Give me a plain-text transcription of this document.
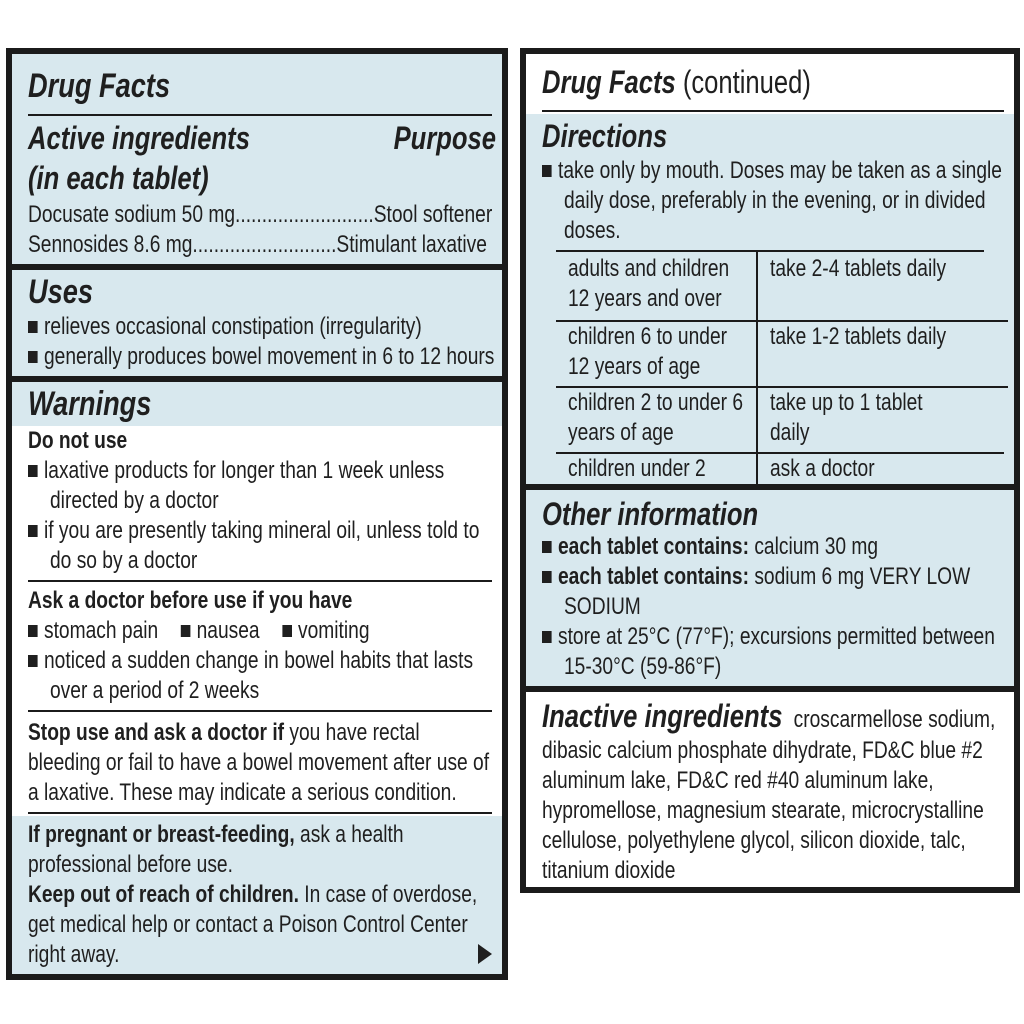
Drug Facts
Active ingredients	Purpose
(in each tablet)
Docusate sodium 50 mg..........................Stool softener
Sennosides 8.6 mg...........................Stimulant laxative
Uses
relieves occasional constipation (irregularity)
generally produces bowel movement in 6 to 12 hours
Warnings
Do not use
laxative products for longer than 1 week unless
directed by a doctor
if you are presently taking mineral oil, unless told to
do so by a doctor
Ask a doctor before use if you have
stomach pain nausea vomiting
noticed a sudden change in bowel habits that lasts
over a period of 2 weeks
Stop use and ask a doctor if you have rectal
bleeding or fail to have a bowel movement after use of
a laxative. These may indicate a serious condition.
If pregnant or breast-feeding, ask a health
professional before use.
Keep out of reach of children. In case of overdose,
get medical help or contact a Poison Control Center
right away.
Drug Facts (continued)
Directions
take only by mouth. Doses may be taken as a single
daily dose, preferably in the evening, or in divided
doses.
adults and children
12 years and over
take 2-4 tablets daily
children 6 to under
12 years of age
take 1-2 tablets daily
children 2 to under 6
years of age
take up to 1 tablet
daily
children under 2	ask a doctor
Other information
each tablet contains: calcium 30 mg
each tablet contains: sodium 6 mg VERY LOW
SODIUM
store at 25°C (77°F); excursions permitted between
15-30°C (59-86°F)
Inactive ingredients croscarmellose sodium,
dibasic calcium phosphate dihydrate, FD&C blue #2
aluminum lake, FD&C red #40 aluminum lake,
hypromellose, magnesium stearate, microcrystalline
cellulose, polyethylene glycol, silicon dioxide, talc,
titanium dioxide
